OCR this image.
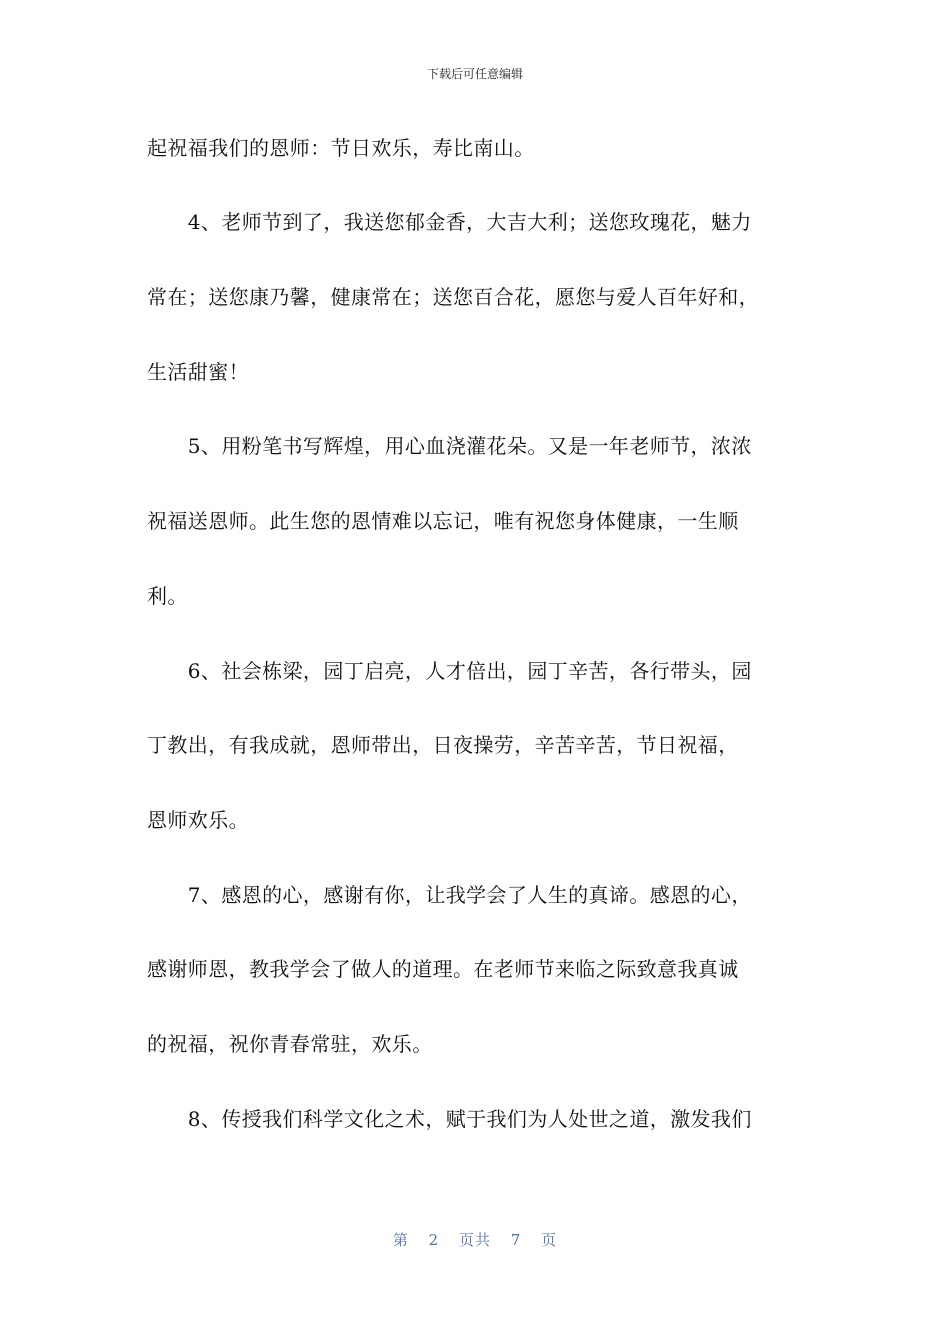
下载后可任意编辑
起祝福我们的恩师：节日欢乐，寿比南山。
　　4、老师节到了，我送您郁金香，大吉大利；送您玫瑰花，魅力
常在；送您康乃馨，健康常在；送您百合花，愿您与爱人百年好和，
生活甜蜜！
　　5、用粉笔书写辉煌，用心血浇灌花朵。又是一年老师节，浓浓
祝福送恩师。此生您的恩情难以忘记，唯有祝您身体健康，一生顺
利。
　　6、社会栋梁，园丁启亮，人才倍出，园丁辛苦，各行带头，园
丁教出，有我成就，恩师带出，日夜操劳，辛苦辛苦，节日祝福，
恩师欢乐。
　　7、感恩的心，感谢有你，让我学会了人生的真谛。感恩的心，
感谢师恩，教我学会了做人的道理。在老师节来临之际致意我真诚
的祝福，祝你青春常驻，欢乐。
　　8、传授我们科学文化之术，赋于我们为人处世之道，激发我们
第 2 页共 7 页
